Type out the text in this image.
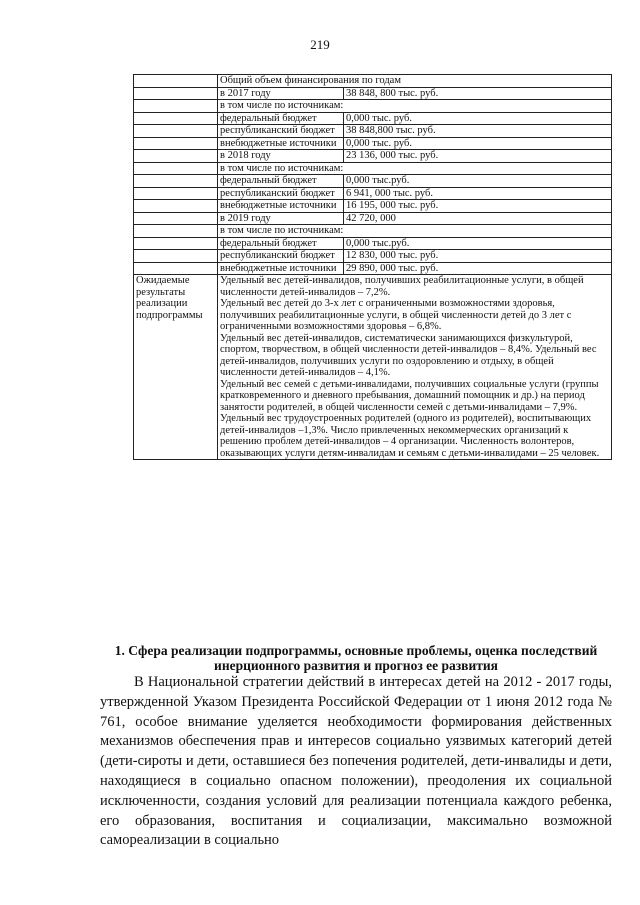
219
	Общий объем финансирования по годам	
	в 2017 году	38 848, 800 тыс. руб.
	в том числе по источникам:	
	федеральный бюджет	0,000 тыс. руб.
	республиканский бюджет	38 848,800 тыс. руб.
	внебюджетные источники	0,000 тыс. руб.
	в 2018 году	23 136, 000 тыс. руб.
	в том числе по источникам:	
	федеральный бюджет	0,000 тыс.руб.
	республиканский бюджет	6 941, 000 тыс. руб.
	внебюджетные источники	16 195, 000 тыс. руб.
	в 2019 году	42 720, 000
	в том числе по источникам:	
	федеральный бюджет	0,000 тыс.руб.
	республиканский бюджет	12 830, 000 тыс. руб.
	внебюджетные источники	29 890, 000 тыс. руб.
Ожидаемые результаты реализации подпрограммы	Удельный вес детей-инвалидов, получивших реабилитационные услуги, в общей численности детей-инвалидов – 7,2%.

Удельный вес детей до 3-х лет с ограниченными возможностями здоровья, получивших реабилитационные услуги, в общей численности детей до 3 лет с ограниченными возможностями здоровья – 6,8%.

Удельный вес детей-инвалидов, систематически занимающихся физкультурой, спортом, творчеством, в общей численности детей-инвалидов – 8,4%. Удельный вес детей-инвалидов, получивших услуги по оздоровлению и отдыху, в общей численности детей-инвалидов – 4,1%.

Удельный вес семей с детьми-инвалидами, получивших социальные услуги (группы кратковременного и дневного пребывания, домашний помощник и др.) на период занятости родителей, в общей численности семей с детьми-инвалидами – 7,9%. Удельный вес трудоустроенных родителей (одного из родителей), воспитывающих детей-инвалидов –1,3%. Число привлеченных некоммерческих организаций к решению проблем детей-инвалидов – 4 организации. Численность волонтеров, оказывающих услуги детям-инвалидам и семьям с детьми-инвалидами – 25 человек.	

1. Сфера реализации подпрограммы, основные проблемы, оценка последствий инерционного развития и прогноз ее развития

В Национальной стратегии действий в интересах детей на 2012 - 2017 годы, утвержденной Указом Президента Российской Федерации от 1 июня 2012 года № 761, особое внимание уделяется необходимости формирования действенных механизмов обеспечения прав и интересов социально уязвимых категорий детей (дети-сироты и дети, оставшиеся без попечения родителей, дети-инвалиды и дети, находящиеся в социально опасном положении), преодоления их социальной исключенности, создания условий для реализации потенциала каждого ребенка, его образования, воспитания и социализации, максимально возможной самореализации в социально
